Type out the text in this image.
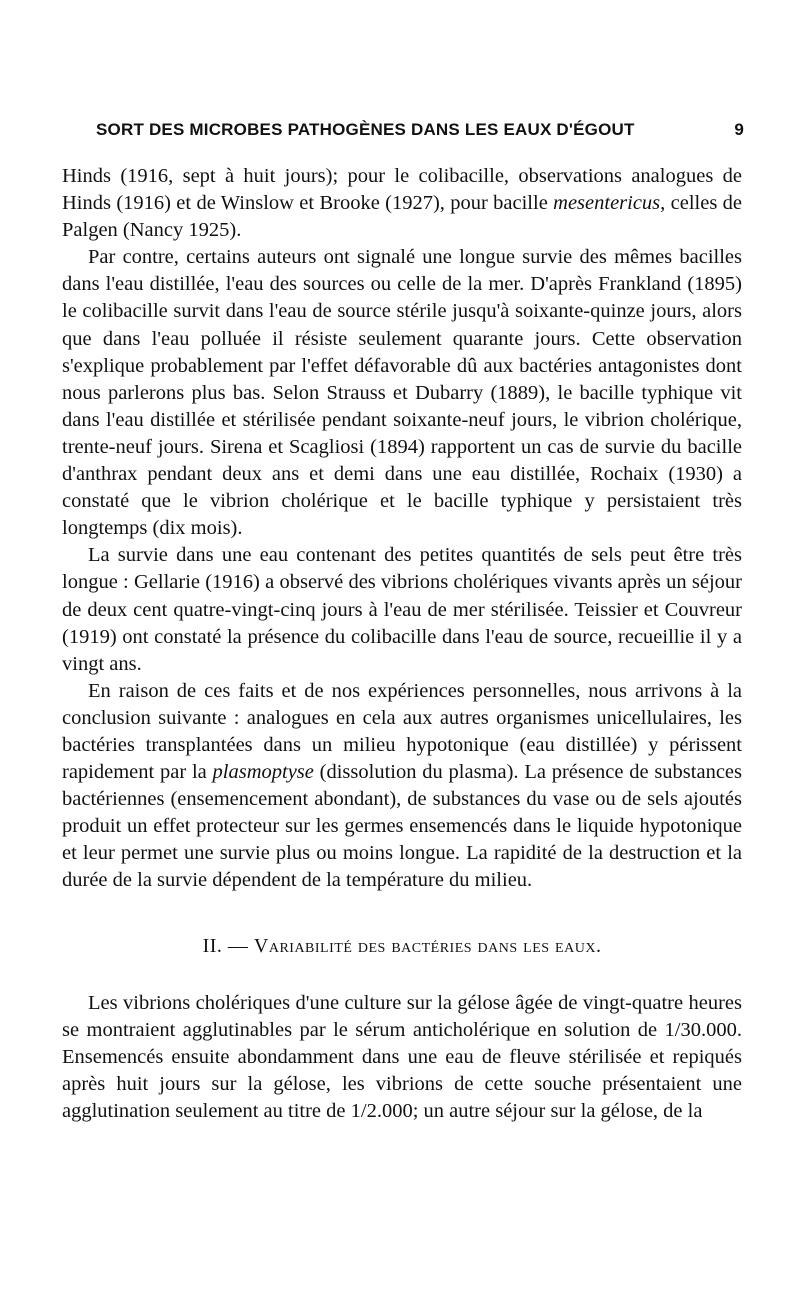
SORT DES MICROBES PATHOGÈNES DANS LES EAUX D'ÉGOUT	9

Hinds (1916, sept à huit jours); pour le colibacille, observations analogues de Hinds (1916) et de Winslow et Brooke (1927), pour bacille mesentericus, celles de Palgen (Nancy 1925).

Par contre, certains auteurs ont signalé une longue survie des mêmes bacilles dans l'eau distillée, l'eau des sources ou celle de la mer. D'après Frankland (1895) le colibacille survit dans l'eau de source stérile jusqu'à soixante-quinze jours, alors que dans l'eau polluée il résiste seulement quarante jours. Cette observation s'explique probablement par l'effet défavorable dû aux bactéries antagonistes dont nous parlerons plus bas. Selon Strauss et Dubarry (1889), le bacille typhique vit dans l'eau distillée et stérilisée pendant soixante-neuf jours, le vibrion cholérique, trente-neuf jours. Sirena et Scagliosi (1894) rapportent un cas de survie du bacille d'anthrax pendant deux ans et demi dans une eau distillée, Rochaix (1930) a constaté que le vibrion cholérique et le bacille typhique y persistaient très longtemps (dix mois).

La survie dans une eau contenant des petites quantités de sels peut être très longue : Gellarie (1916) a observé des vibrions cholériques vivants après un séjour de deux cent quatre-vingt-cinq jours à l'eau de mer stérilisée. Teissier et Couvreur (1919) ont constaté la présence du colibacille dans l'eau de source, recueillie il y a vingt ans.

En raison de ces faits et de nos expériences personnelles, nous arrivons à la conclusion suivante : analogues en cela aux autres organismes unicellulaires, les bactéries transplantées dans un milieu hypotonique (eau distillée) y périssent rapidement par la plasmoptyse (dissolution du plasma). La présence de substances bactériennes (ensemencement abondant), de substances du vase ou de sels ajoutés produit un effet protecteur sur les germes ensemencés dans le liquide hypotonique et leur permet une survie plus ou moins longue. La rapidité de la destruction et la durée de la survie dépendent de la température du milieu.

II. — Variabilité des bactéries dans les eaux.

Les vibrions cholériques d'une culture sur la gélose âgée de vingt-quatre heures se montraient agglutinables par le sérum anticholérique en solution de 1/30.000. Ensemencés ensuite abondamment dans une eau de fleuve stérilisée et repiqués après huit jours sur la gélose, les vibrions de cette souche présentaient une agglutination seulement au titre de 1/2.000; un autre séjour sur la gélose, de la
